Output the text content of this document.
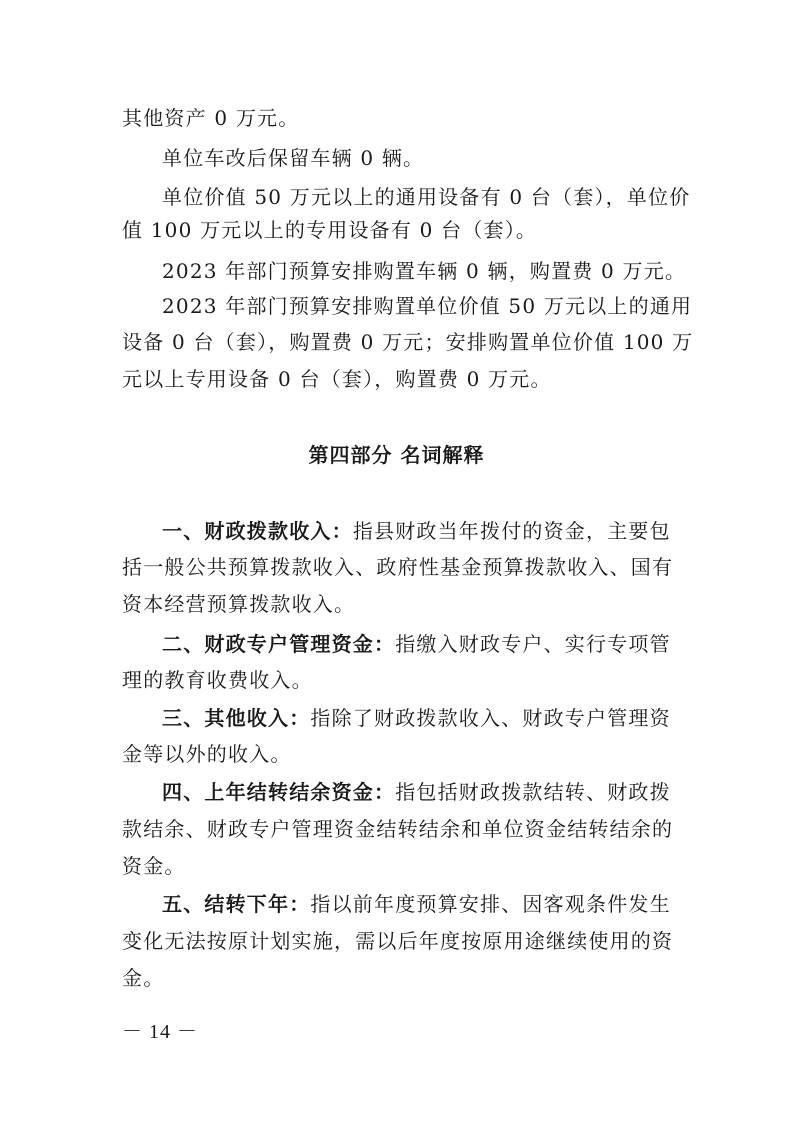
其他资产 0 万元。
单位车改后保留车辆 0 辆。
单位价值 50 万元以上的通用设备有 0 台（套），单位价
值 100 万元以上的专用设备有 0 台（套）。
2023 年部门预算安排购置车辆 0 辆，购置费 0 万元。
2023 年部门预算安排购置单位价值 50 万元以上的通用
设备 0 台（套），购置费 0 万元；安排购置单位价值 100 万
元以上专用设备 0 台（套），购置费 0 万元。
第四部分 名词解释
一、财政拨款收入：指县财政当年拨付的资金，主要包
括一般公共预算拨款收入、政府性基金预算拨款收入、国有
资本经营预算拨款收入。
二、财政专户管理资金：指缴入财政专户、实行专项管
理的教育收费收入。
三、其他收入：指除了财政拨款收入、财政专户管理资
金等以外的收入。
四、上年结转结余资金：指包括财政拨款结转、财政拨
款结余、财政专户管理资金结转结余和单位资金结转结余的
资金。
五、结转下年：指以前年度预算安排、因客观条件发生
变化无法按原计划实施，需以后年度按原用途继续使用的资
金。
－ 14 －
